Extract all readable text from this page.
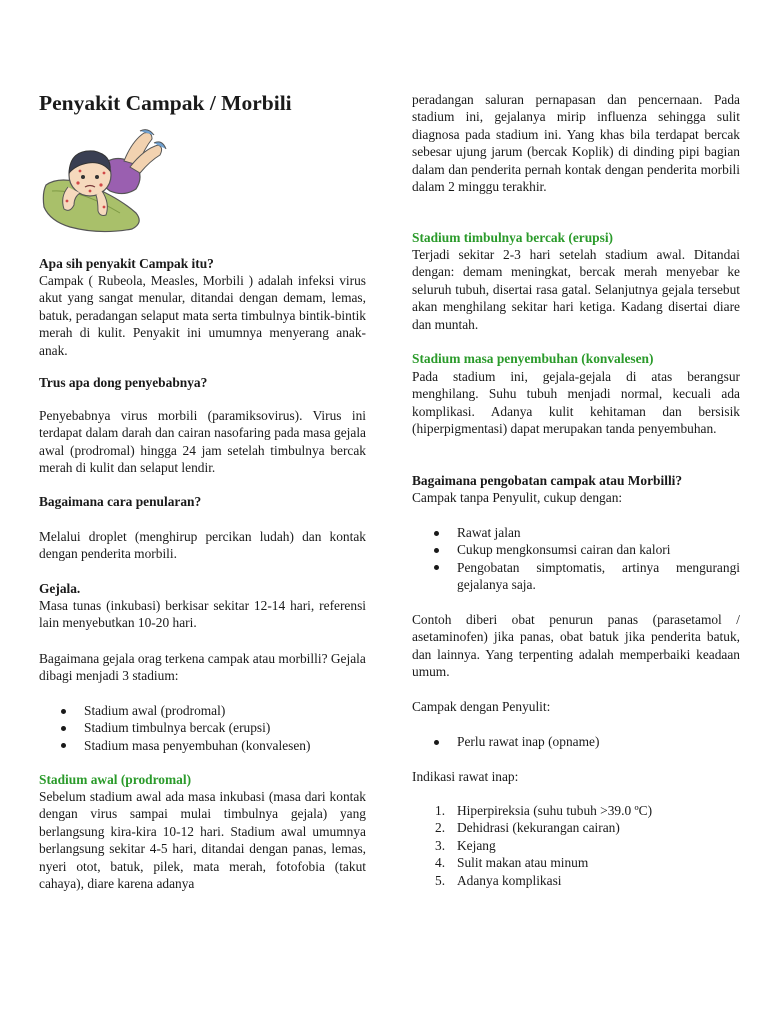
Penyakit Campak / Morbili

Apa sih penyakit Campak itu?

Campak ( Rubeola, Measles, Morbili ) adalah infeksi virus akut yang sangat menular, ditandai dengan demam, lemas, batuk, peradangan selaput mata serta timbulnya bintik-bintik merah di kulit. Penyakit ini umumnya menyerang anak-anak.

Trus apa dong penyebabnya?

Penyebabnya virus morbili (paramiksovirus). Virus ini terdapat dalam darah dan cairan nasofaring pada masa gejala awal (prodromal) hingga 24 jam setelah timbulnya bercak merah di kulit dan selaput lendir.

Bagaimana cara penularan?

Melalui droplet (menghirup percikan ludah) dan kontak dengan penderita morbili.

Gejala.

Masa tunas (inkubasi) berkisar sekitar 12-14 hari, referensi lain menyebutkan 10-20 hari.

Bagaimana gejala orag terkena campak atau morbilli? Gejala dibagi menjadi 3 stadium:

Stadium awal (prodromal)
Stadium timbulnya bercak (erupsi)
Stadium masa penyembuhan (konvalesen)

Stadium awal (prodromal)

Sebelum stadium awal ada masa inkubasi (masa dari kontak dengan virus sampai mulai timbulnya gejala) yang berlangsung kira-kira 10-12 hari. Stadium awal umumnya berlangsung sekitar 4-5 hari, ditandai dengan panas, lemas, nyeri otot, batuk, pilek, mata merah, fotofobia (takut cahaya), diare karena adanya

peradangan saluran pernapasan dan pencernaan. Pada stadium ini, gejalanya mirip influenza sehingga sulit diagnosa pada stadium ini. Yang khas bila terdapat bercak sebesar ujung jarum (bercak Koplik) di dinding pipi bagian dalam dan penderita pernah kontak dengan penderita morbili dalam 2 minggu terakhir.

Stadium timbulnya bercak (erupsi)

Terjadi sekitar 2-3 hari setelah stadium awal. Ditandai dengan: demam meningkat, bercak merah menyebar ke seluruh tubuh, disertai rasa gatal. Selanjutnya gejala tersebut akan menghilang sekitar hari ketiga. Kadang disertai diare dan muntah.

Stadium masa penyembuhan (konvalesen)

Pada stadium ini, gejala-gejala di atas berangsur menghilang. Suhu tubuh menjadi normal, kecuali ada komplikasi. Adanya kulit kehitaman dan bersisik (hiperpigmentasi) dapat merupakan tanda penyembuhan.

Bagaimana pengobatan campak atau Morbilli?

Campak tanpa Penyulit, cukup dengan:

Rawat jalan
Cukup mengkonsumsi cairan dan kalori
Pengobatan simptomatis, artinya mengurangi gejalanya saja.

Contoh diberi obat penurun panas (parasetamol / asetaminofen) jika panas, obat batuk jika penderita batuk, dan lainnya. Yang terpenting adalah memperbaiki keadaan umum.

Campak dengan Penyulit:

Perlu rawat inap (opname)

Indikasi rawat inap:

1. Hiperpireksia (suhu tubuh >39.0 ºC)
2. Dehidrasi (kekurangan cairan)
3. Kejang
4. Sulit makan atau minum
5. Adanya komplikasi
